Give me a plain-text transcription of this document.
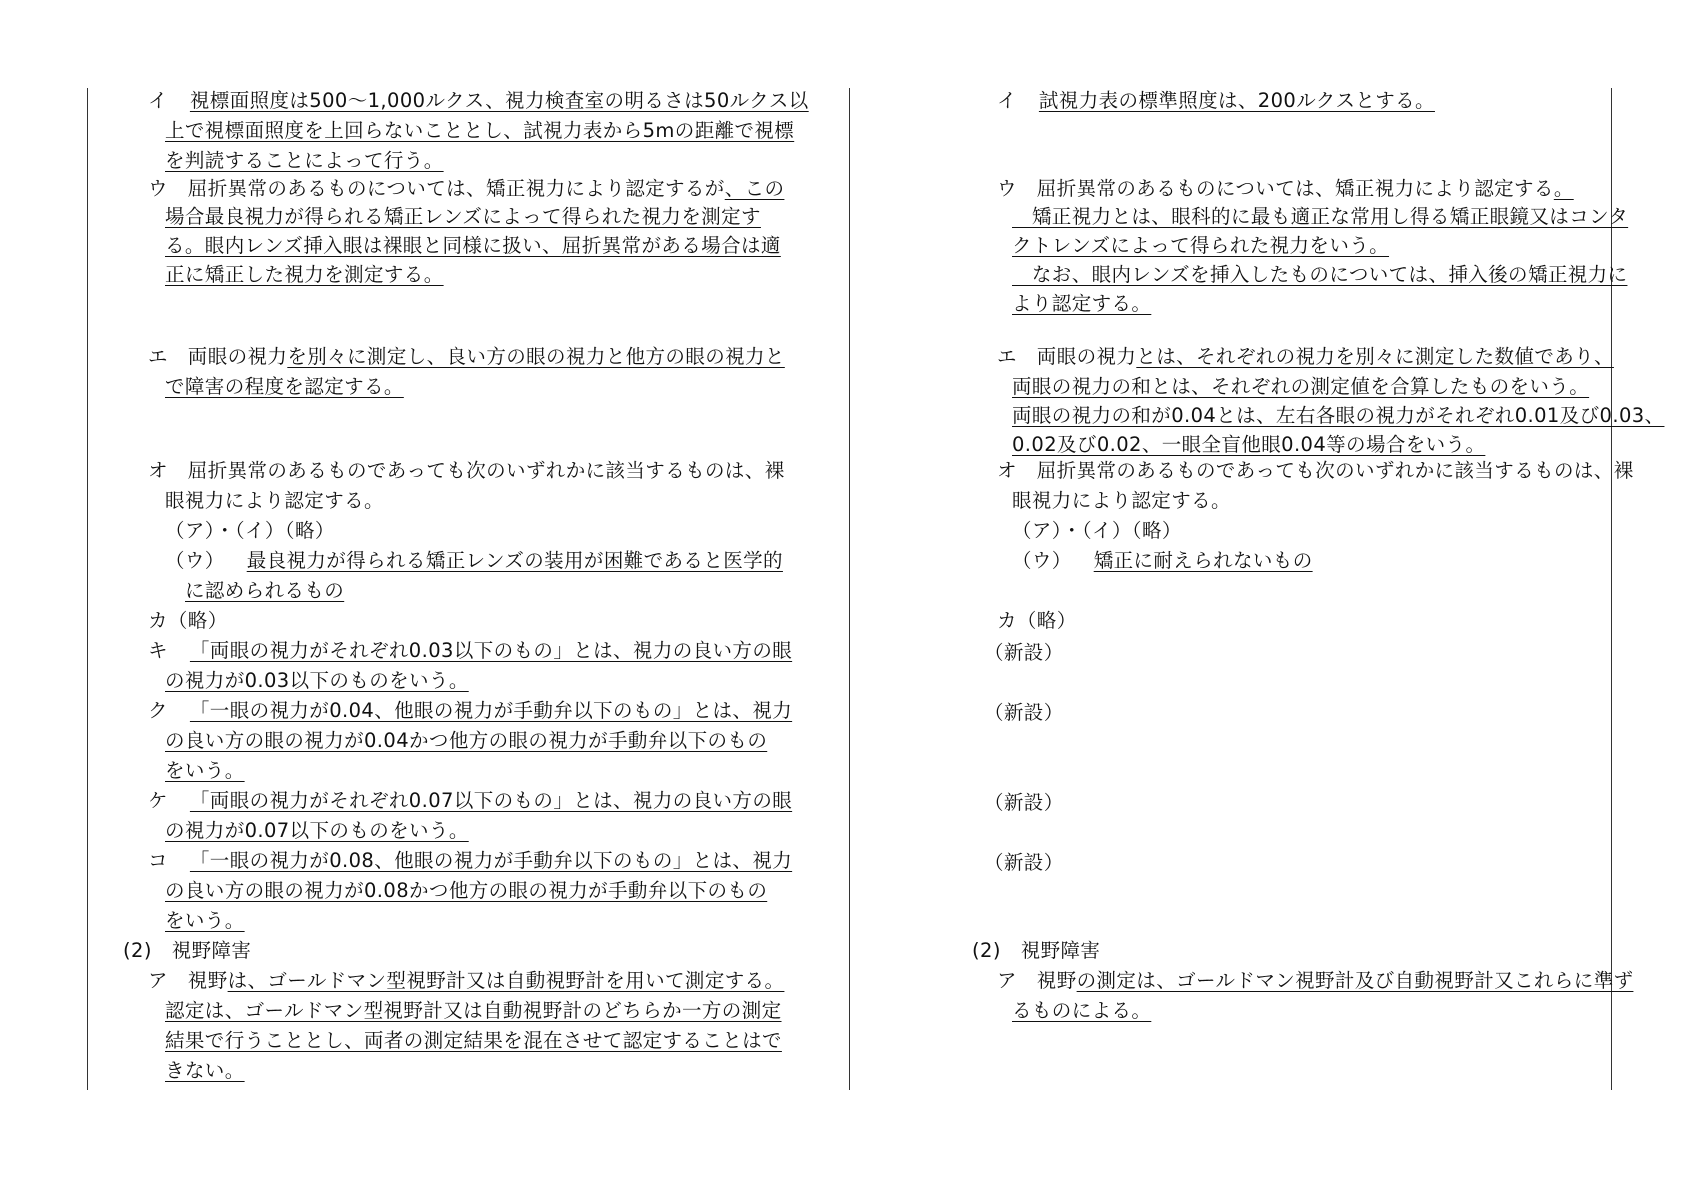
イ 視標面照度は500～1,000ルクス、視力検査室の明るさは50ルクス以
上で視標面照度を上回らないこととし、試視力表から5mの距離で視標
を判読することによって行う。
ウ　屈折異常のあるものについては、矯正視力により認定するが、この
場合最良視力が得られる矯正レンズによって得られた視力を測定す
る。眼内レンズ挿入眼は裸眼と同様に扱い、屈折異常がある場合は適
正に矯正した視力を測定する。
エ　両眼の視力を別々に測定し、良い方の眼の視力と他方の眼の視力と
で障害の程度を認定する。
オ　屈折異常のあるものであっても次のいずれかに該当するものは、裸
眼視力により認定する。
（ア）・（イ）（略）
（ウ） 最良視力が得られる矯正レンズの装用が困難であると医学的
に認められるもの
カ（略）
キ 「両眼の視力がそれぞれ0.03以下のもの」とは、視力の良い方の眼
の視力が0.03以下のものをいう。
ク 「一眼の視力が0.04、他眼の視力が手動弁以下のもの」とは、視力
の良い方の眼の視力が0.04かつ他方の眼の視力が手動弁以下のもの
をいう。
ケ 「両眼の視力がそれぞれ0.07以下のもの」とは、視力の良い方の眼
の視力が0.07以下のものをいう。
コ 「一眼の視力が0.08、他眼の視力が手動弁以下のもの」とは、視力
の良い方の眼の視力が0.08かつ他方の眼の視力が手動弁以下のもの
をいう。
(2)　視野障害
ア　視野は、ゴールドマン型視野計又は自動視野計を用いて測定する。
認定は、ゴールドマン型視野計又は自動視野計のどちらか一方の測定
結果で行うこととし、両者の測定結果を混在させて認定することはで
きない。
イ 試視力表の標準照度は、200ルクスとする。
ウ　屈折異常のあるものについては、矯正視力により認定する。
　矯正視力とは、眼科的に最も適正な常用し得る矯正眼鏡又はコンタ
クトレンズによって得られた視力をいう。
　なお、眼内レンズを挿入したものについては、挿入後の矯正視力に
より認定する。
エ　両眼の視力とは、それぞれの視力を別々に測定した数値であり、
両眼の視力の和とは、それぞれの測定値を合算したものをいう。
両眼の視力の和が0.04とは、左右各眼の視力がそれぞれ0.01及び0.03、
0.02及び0.02、一眼全盲他眼0.04等の場合をいう。
オ　屈折異常のあるものであっても次のいずれかに該当するものは、裸
眼視力により認定する。
（ア）・（イ）（略）
（ウ） 矯正に耐えられないもの
カ（略）
（新設）
（新設）
（新設）
（新設）
(2)　視野障害
ア　視野の測定は、ゴールドマン視野計及び自動視野計又これらに準ず
るものによる。
